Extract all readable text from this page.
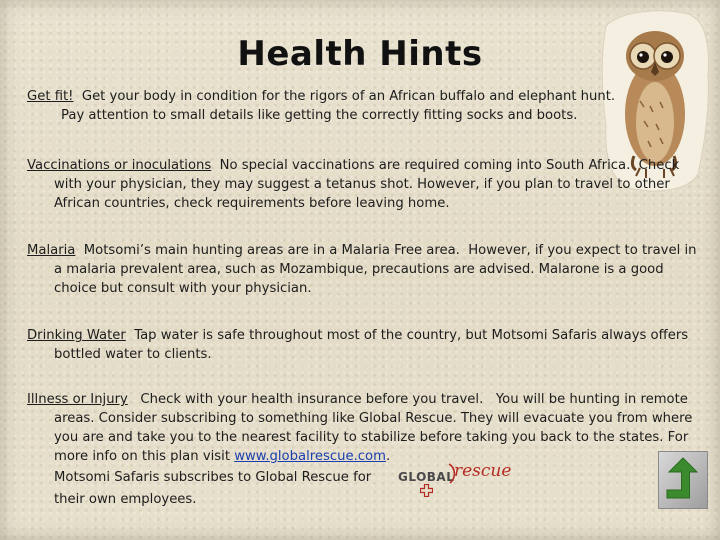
Health Hints
Get fit!  Get your body in condition for the rigors of an African buffalo and elephant hunt.
Pay attention to small details like getting the correctly fitting socks and boots.
Vaccinations or inoculations  No special vaccinations are required coming into South Africa.  Check
with your physician, they may suggest a tetanus shot. However, if you plan to travel to other
African countries, check requirements before leaving home.
Malaria  Motsomi’s main hunting areas are in a Malaria Free area.  However, if you expect to travel in
a malaria prevalent area, such as Mozambique, precautions are advised. Malarone is a good
choice but consult with your physician.
Drinking Water  Tap water is safe throughout most of the country, but Motsomi Safaris always offers
bottled water to clients.
Illness or Injury   Check with your health insurance before you travel.   You will be hunting in remote
areas. Consider subscribing to something like Global Rescue. They will evacuate you from where
you are and take you to the nearest facility to stabilize before taking you back to the states. For
more info on this plan visit www.globalrescue.com.
Motsomi Safaris subscribes to Global Rescue for
their own employees.
GLOBAL rescue
